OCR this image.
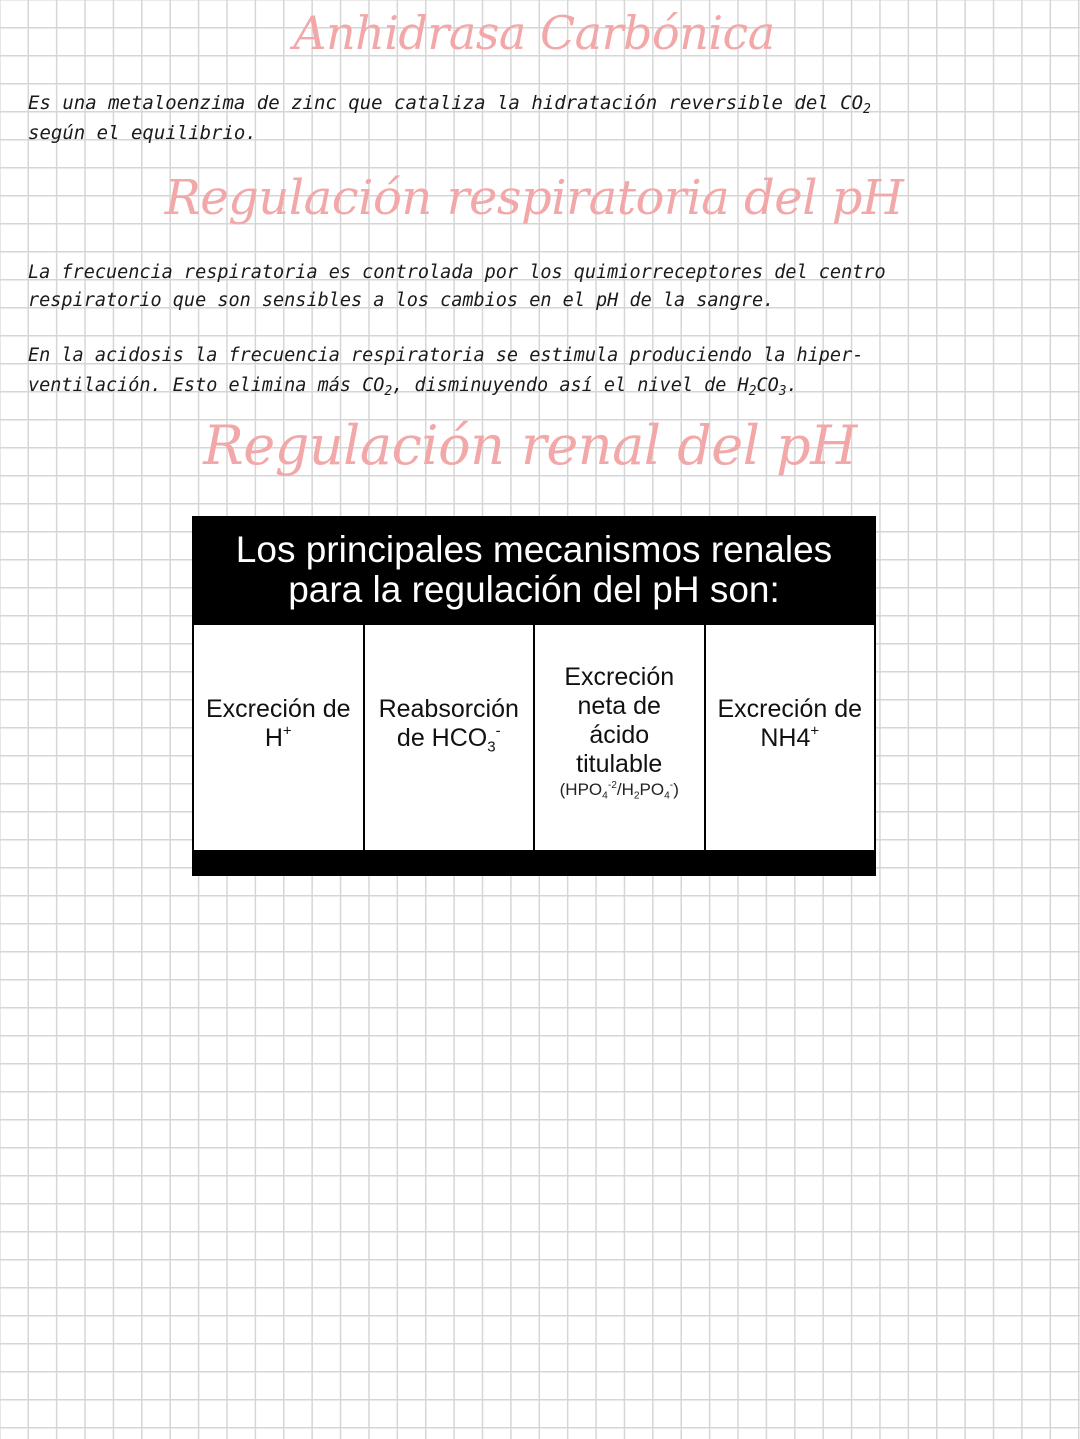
Anhidrasa Carbónica
Es una metaloenzima de zinc que cataliza la hidratación reversible del $CO_2$
según el equilibrio.
Regulación respiratoria del pH
La frecuencia respiratoria es controlada por los quimiorreceptores del centro
respiratorio que son sensibles a los cambios en el pH de la sangre.
En la acidosis la frecuencia respiratoria se estimula produciendo la hiper-
ventilación. Esto elimina más $CO_2$, disminuyendo así el nivel de $H_2CO_3$.
Regulación renal del pH
Los principales mecanismos renales
para la regulación del pH son:
Excreción de
H+
Reabsorción
de $HCO_3^-$
Excreción
neta de
ácido
titulable
$(HPO_4^{-2}/H_2PO_4^-)$
Excreción de
NH4+
